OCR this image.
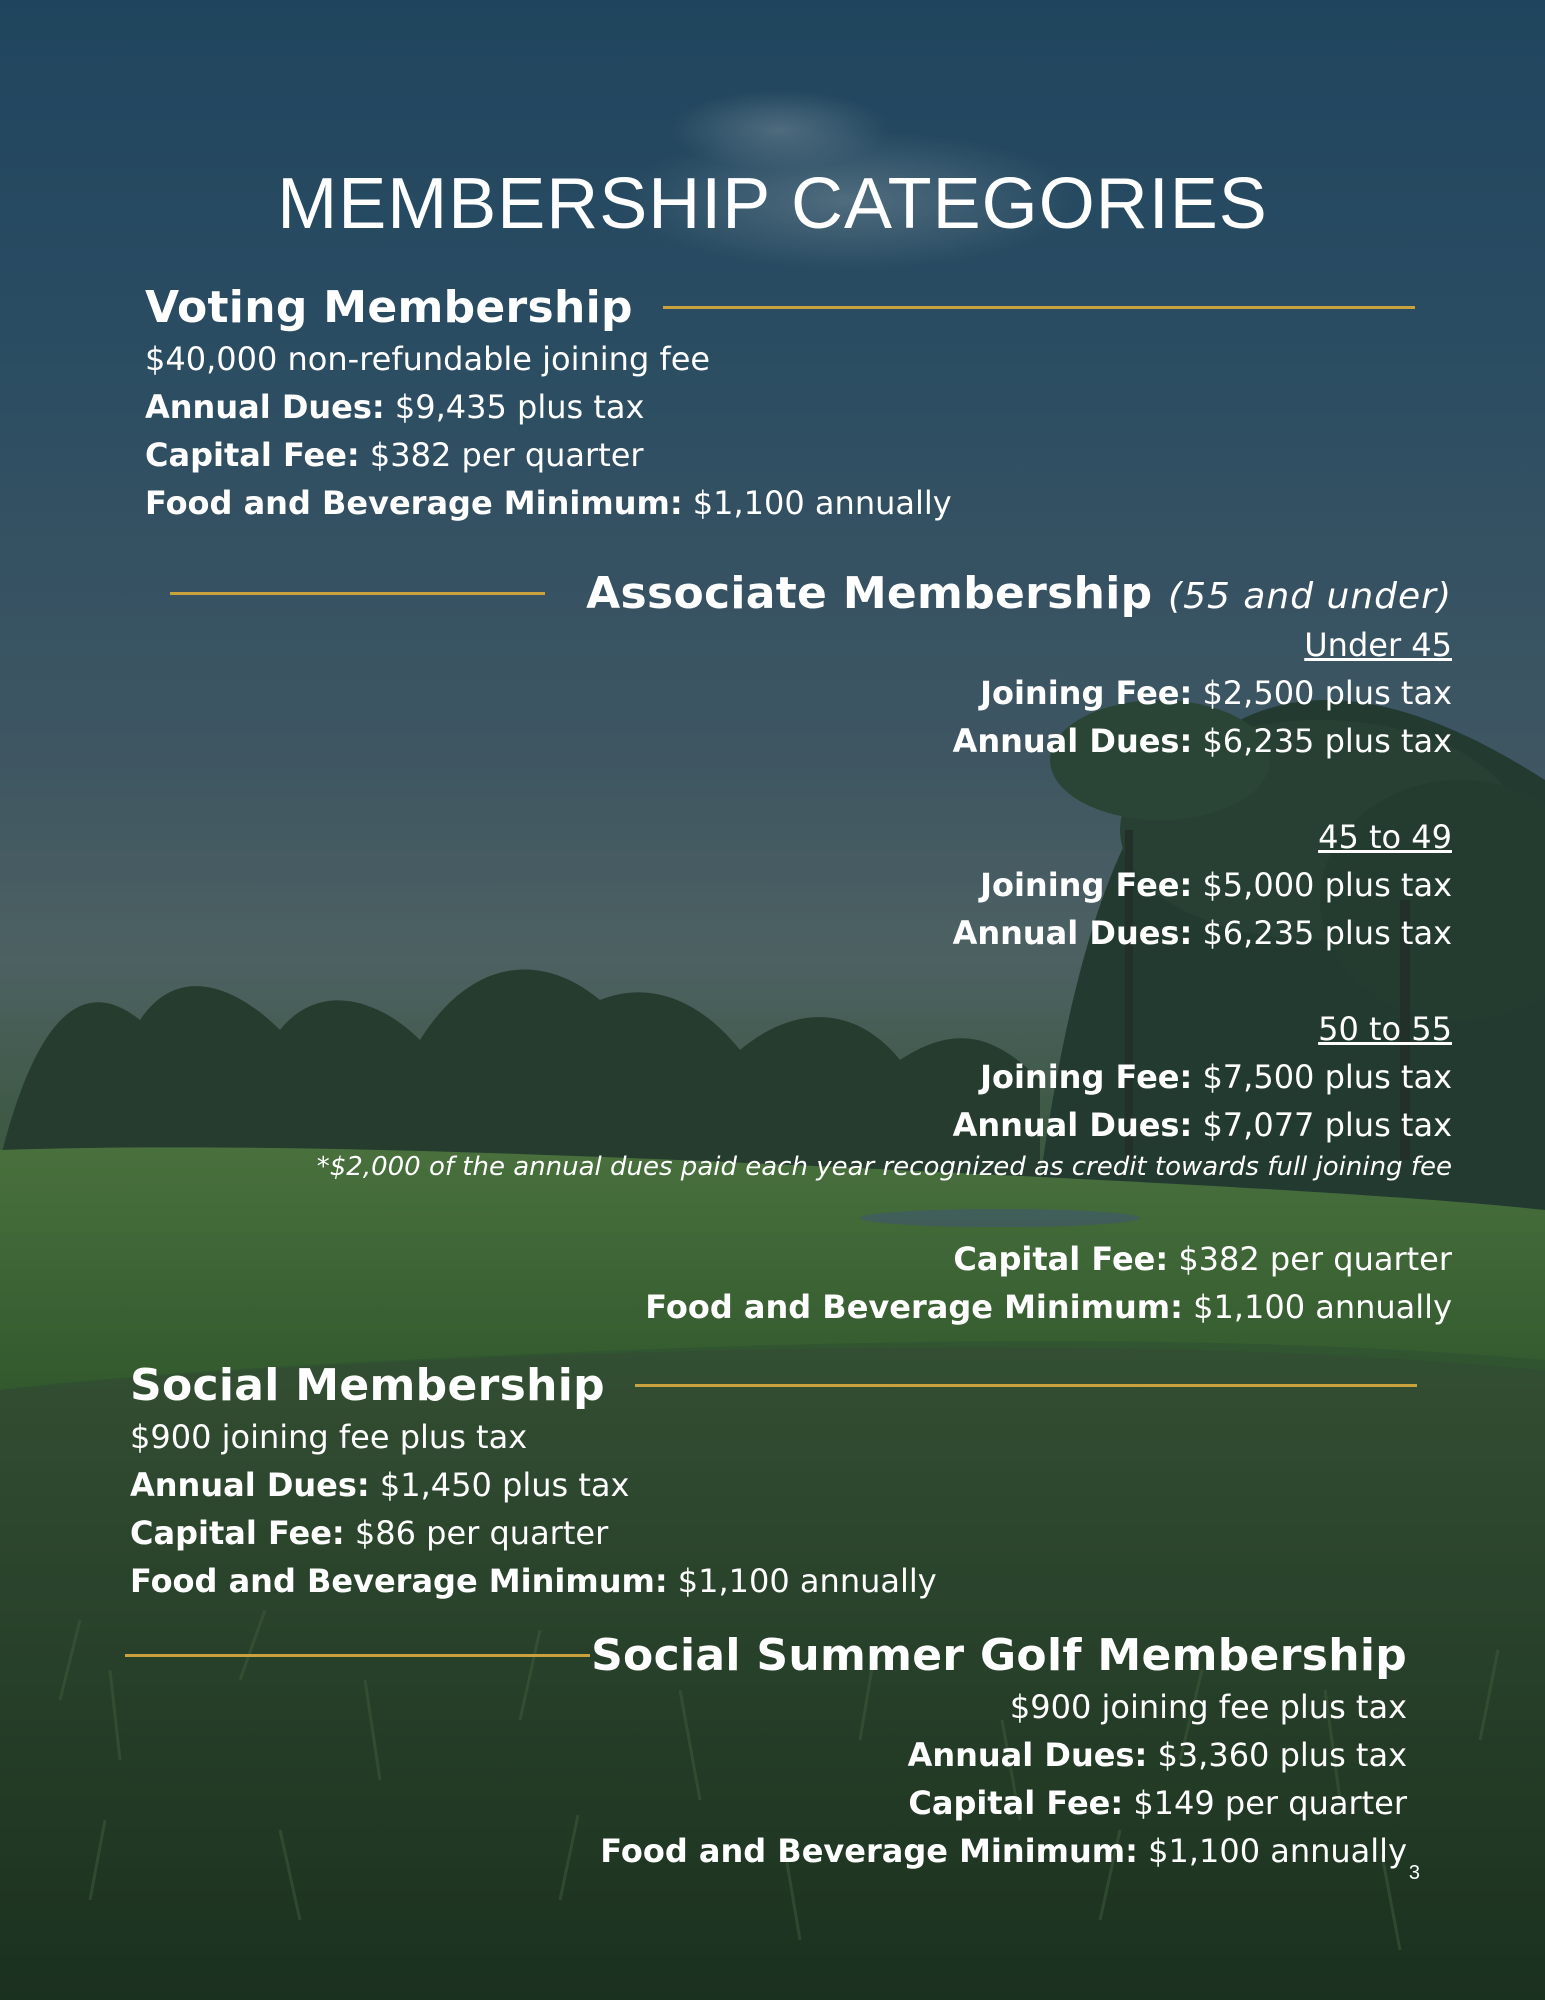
MEMBERSHIP CATEGORIES
Voting Membership
$40,000 non-refundable joining fee
Annual Dues: $9,435 plus tax
Capital Fee: $382 per quarter
Food and Beverage Minimum: $1,100 annually
Associate Membership (55 and under)
Under 45
Joining Fee: $2,500 plus tax
Annual Dues: $6,235 plus tax
45 to 49
Joining Fee: $5,000 plus tax
Annual Dues: $6,235 plus tax
50 to 55
Joining Fee: $7,500 plus tax
Annual Dues: $7,077 plus tax
*$2,000 of the annual dues paid each year recognized as credit towards full joining fee
Capital Fee: $382 per quarter
Food and Beverage Minimum: $1,100 annually
Social Membership
$900 joining fee plus tax
Annual Dues: $1,450 plus tax
Capital Fee: $86 per quarter
Food and Beverage Minimum: $1,100 annually
Social Summer Golf Membership
$900 joining fee plus tax
Annual Dues: $3,360 plus tax
Capital Fee: $149 per quarter
Food and Beverage Minimum: $1,100 annually
3
